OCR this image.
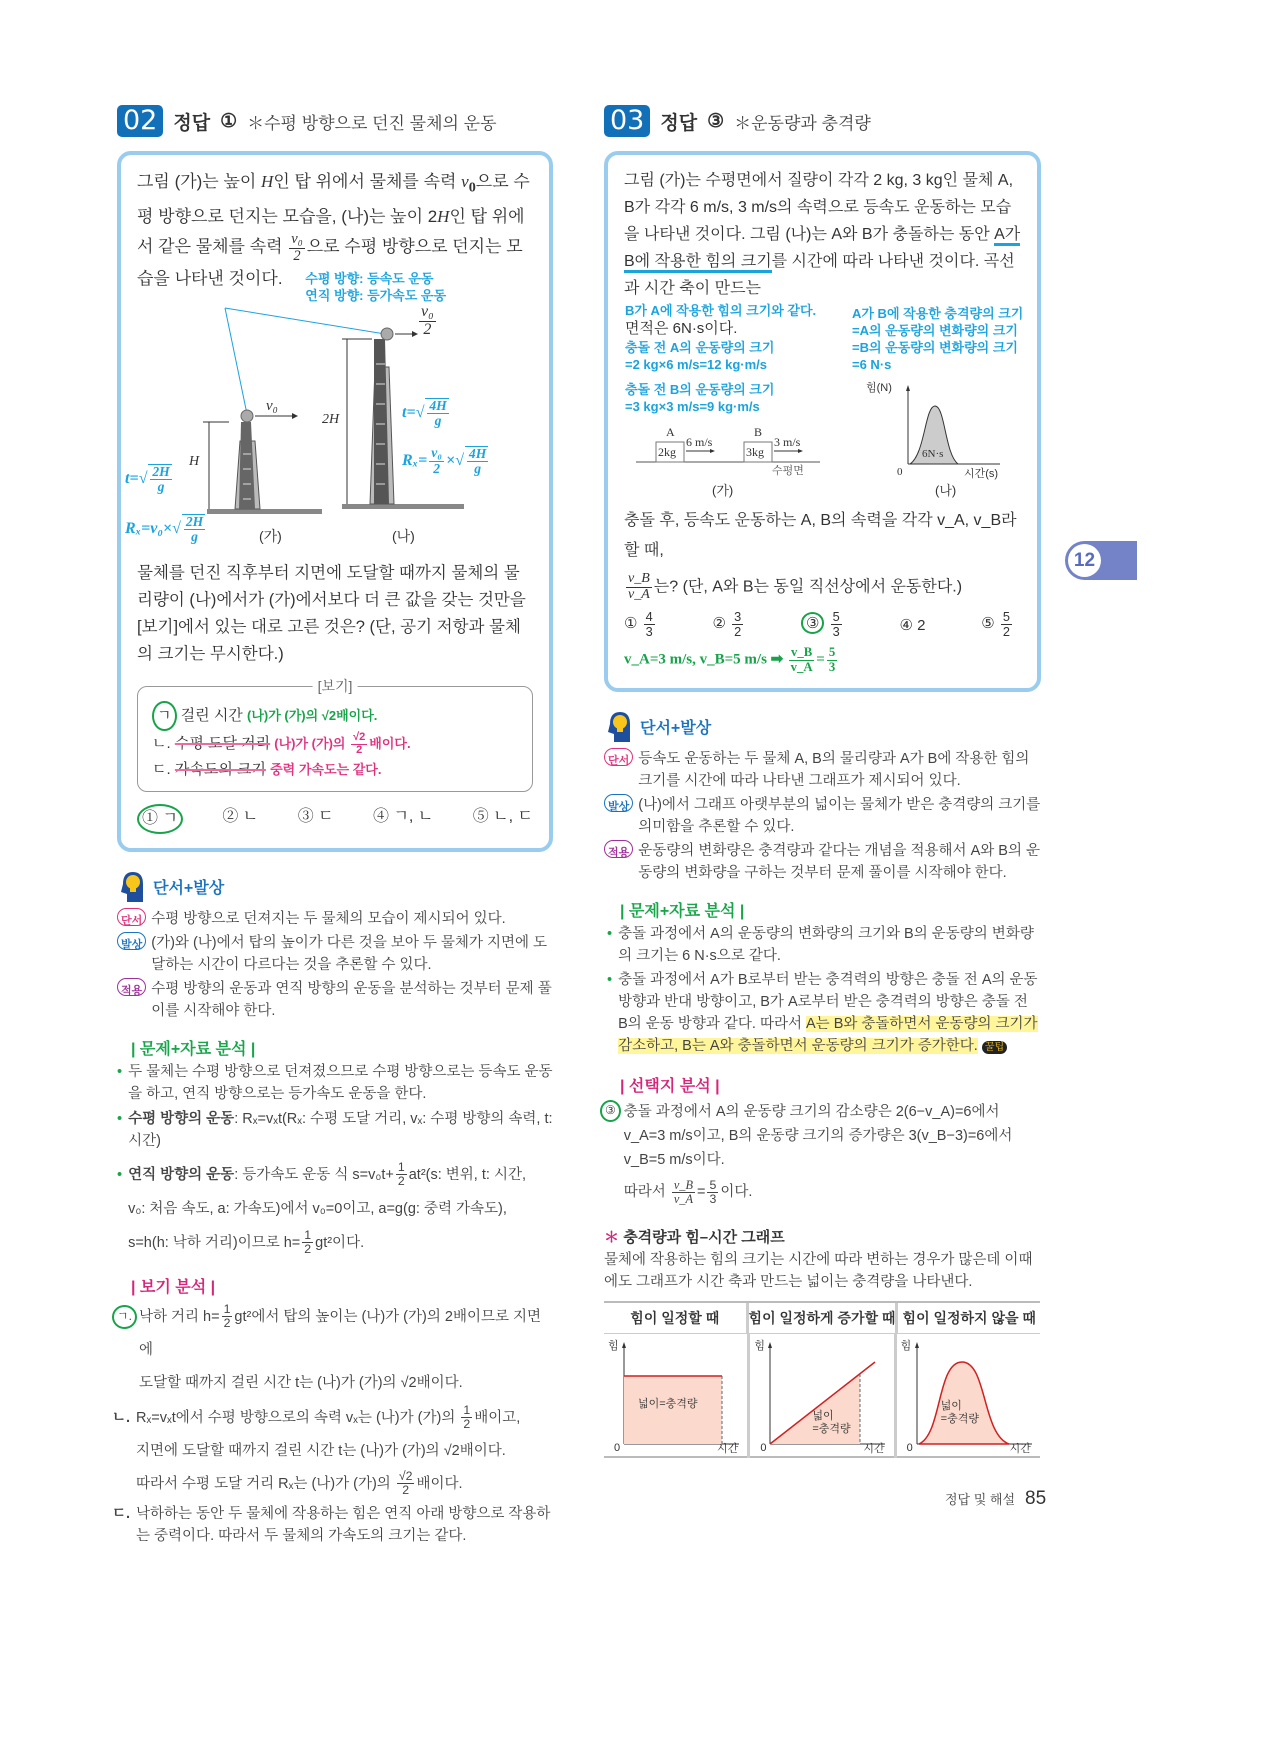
02 정답 ① ＊수평 방향으로 던진 물체의 운동
그림 (가)는 높이 H인 탑 위에서 물체를 속력 $v_0$으로 수평 방향으로 던지는 모습을, (나)는 높이 2H인 탑 위에서 같은 물체를 속력 $\frac{\text{v₀}}{2}$ 으로 수평 방향으로 던지는 모습을 나타낸 것이다. 수평 방향: 등속도 운동
연직 방향: 등가속도 운동
v₀
$\frac{\text{v₀}}{2}$
H
2H
(가)	(나)
$t=√ \frac{2H}{g}$
$R_x=v_0\times√ \frac{2H}{g}$
$t=√ \frac{4H}{g}$
$R_x= \frac{\text{v₀}}{2}$ ×√ $\frac{4H}{g}$
물체를 던진 직후부터 지면에 도달할 때까지 물체의 물리량이 (나)에서가 (가)에서보다 더 큰 값을 갖는 것만을 [보기]에서 있는 대로 고른 것은? (단, 공기 저항과 물체의 크기는 무시한다.)
[보기]
ㄱ 걸린 시간 (나)가 (가)의 √2배이다.
ㄴ. 수평 도달 거리 (나)가 (가)의 $\frac{√2}{2}$ 배이다.
ㄷ. 가속도의 크기 중력 가속도는 같다.
① ㄱ	② ㄴ ③ ㄷ ④ ㄱ, ㄴ ⑤ ㄴ, ㄷ
단서+발상
단서 수평 방향으로 던져지는 두 물체의 모습이 제시되어 있다.
발상 (가)와 (나)에서 탑의 높이가 다른 것을 보아 두 물체가 지면에 도달하는 시간이 다르다는 것을 추론할 수 있다.
적용 수평 방향의 운동과 연직 방향의 운동을 분석하는 것부터 문제 풀이를 시작해야 한다.
| 문제+자료 분석 |
• 두 물체는 수평 방향으로 던져졌으므로 수평 방향으로는 등속도 운동을 하고, 연직 방향으로는 등가속도 운동을 한다.
• 수평 방향의 운동: Rₓ=vₓt(Rₓ: 수평 도달 거리, vₓ: 수평 방향의 속력, t: 시간)
• 연직 방향의 운동: 등가속도 운동 식 $s=v_0t+ \frac{1}{2} at^2(s$: 변위, t: 시간,
v₀: 처음 속도, a: 가속도)에서 v₀=0이고, a=g(g: 중력 가속도),
s=h(h: 낙하 거리)이므로 $h= \frac{1}{2} gt^2$이다.
| 보기 분석 |
ㄱ. 낙하 거리 $h= \frac{1}{2} gt^2$에서 탑의 높이는 (나)가 (가)의 2배이므로 지면에
도달할 때까지 걸린 시간 t는 (나)가 (가)의 √2배이다.
ㄴ. Rₓ=vₓt에서 수평 방향으로의 속력 vₓ는 (나)가 (가)의 $\frac{1}{2}$ 배이고,
지면에 도달할 때까지 걸린 시간 t는 (나)가 (가)의 √2배이다.
따라서 수평 도달 거리 Rₓ는 (나)가 (가)의 $\frac{√2}{2}$ 배이다.
ㄷ. 낙하하는 동안 두 물체에 작용하는 힘은 연직 아래 방향으로 작용하는 중력이다. 따라서 두 물체의 가속도의 크기는 같다.
03 정답 ③ ＊운동량과 충격량
그림 (가)는 수평면에서 질량이 각각 2 kg, 3 kg인 물체 A, B가 각각 6 m/s, 3 m/s의 속력으로 등속도 운동하는 모습을 나타낸 것이다. 그림 (나)는 A와 B가 충돌하는 동안 A가 B에 작용한 힘의 크기를 시간에 따라 나타낸 것이다. 곡선과 시간 축이 만드는
B가 A에 작용한 힘의 크기와 같다.
면적은 6N·s이다.
충돌 전 A의 운동량의 크기
=2 kg×6 m/s=12 kg·m/s
충돌 전 B의 운동량의 크기
=3 kg×3 m/s=9 kg·m/s
A가 B에 작용한 충격량의 크기
=A의 운동량의 변화량의 크기
=B의 운동량의 변화량의 크기
=6 N·s
A	B
2kg	3kg
6 m/s	3 m/s
수평면
(가)
힘(N)
시간(s)
0
6N·s
(나)
충돌 후, 등속도 운동하는 A, B의 속력을 각각 v_A, v_B라 할 때,
$\frac{v\_B}{v\_A}$ 는? (단, A와 B는 동일 직선상에서 운동한다.)
① $\frac{4}{3}$	② $\frac{3}{2}$	③ $\frac{5}{3}$	④ 2	⑤ $\frac{5}{2}$
v_A=3 m/s, v_B=5 m/s ➡ $\frac{v\_B}{v\_A} = \frac{5}{3}$
단서+발상
단서 등속도 운동하는 두 물체 A, B의 물리량과 A가 B에 작용한 힘의 크기를 시간에 따라 나타낸 그래프가 제시되어 있다.
발상 (나)에서 그래프 아랫부분의 넓이는 물체가 받은 충격량의 크기를 의미함을 추론할 수 있다.
적용 운동량의 변화량은 충격량과 같다는 개념을 적용해서 A와 B의 운동량의 변화량을 구하는 것부터 문제 풀이를 시작해야 한다.
| 문제+자료 분석 |
• 충돌 과정에서 A의 운동량의 변화량의 크기와 B의 운동량의 변화량의 크기는 6 N·s으로 같다.
• 충돌 과정에서 A가 B로부터 받는 충격력의 방향은 충돌 전 A의 운동 방향과 반대 방향이고, B가 A로부터 받은 충격력의 방향은 충돌 전 B의 운동 방향과 같다. 따라서 A는 B와 충돌하면서 운동량의 크기가 감소하고, B는 A와 충돌하면서 운동량의 크기가 증가한다. 꿀팁
| 선택지 분석 |
③ 충돌 과정에서 A의 운동량 크기의 감소량은 2(6−v_A)=6에서
v_A=3 m/s이고, B의 운동량 크기의 증가량은 3(v_B−3)=6에서
v_B=5 m/s이다.
따라서 $\frac{v\_B}{v\_A} = \frac{5}{3}$ 이다.
＊ 충격량과 힘–시간 그래프
물체에 작용하는 힘의 크기는 시간에 따라 변하는 경우가 많은데 이때에도 그래프가 시간 축과 만드는 넓이는 충격량을 나타낸다.
힘이 일정할 때	힘이 일정하게 증가할 때 힘이 일정하지 않을 때
힘
0	시간
넓이=충격량
힘
0	시간
넓이
=충격량
힘
0	시간
넓이
=충격량
12
정답 및 해설 85
